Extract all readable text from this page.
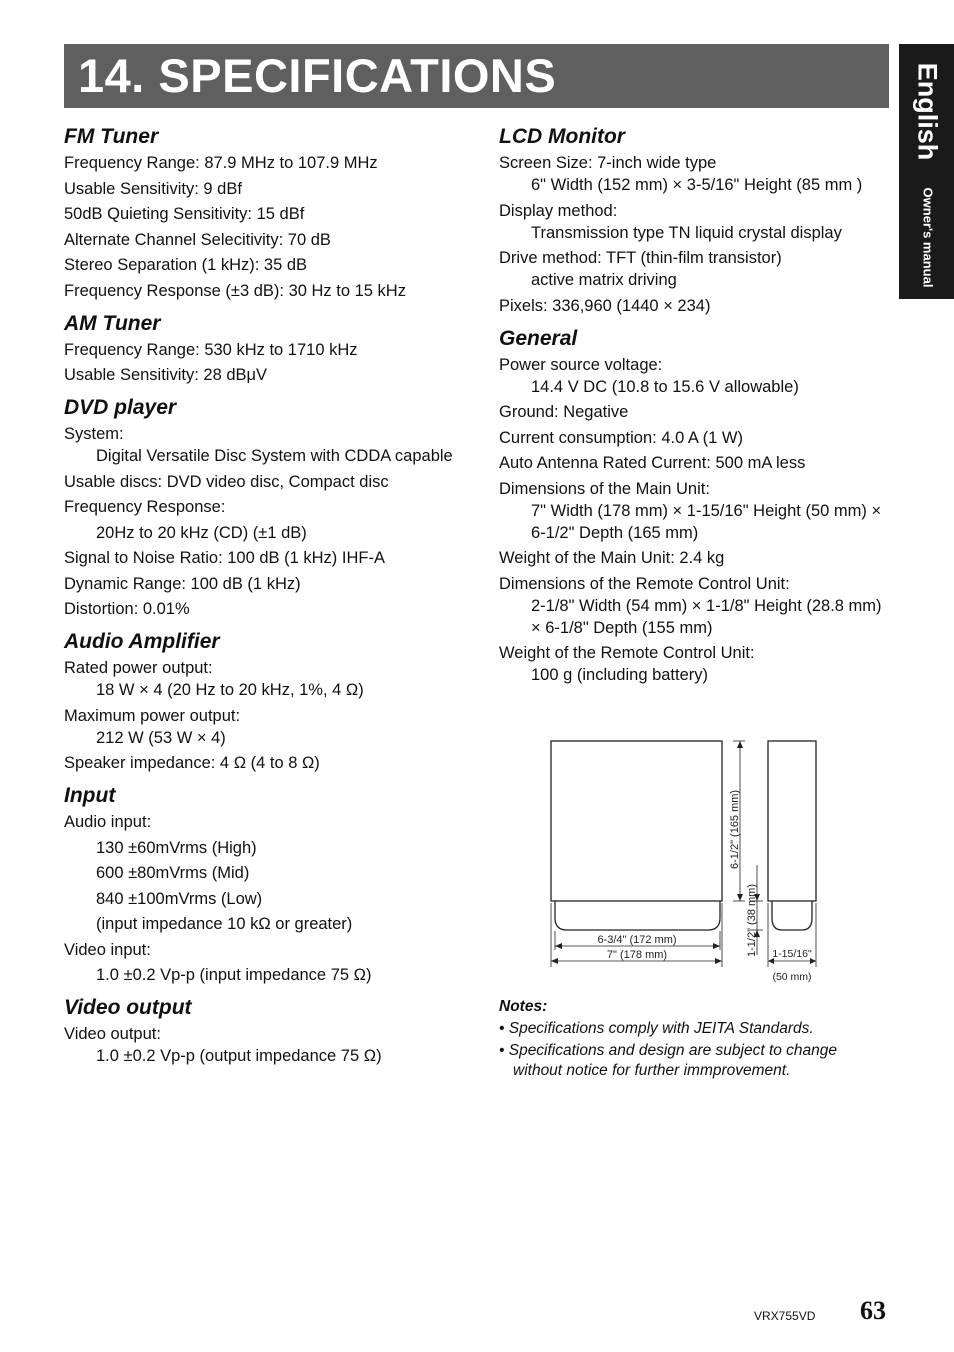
14. SPECIFICATIONS	English
Owner's manual
FM Tuner
Frequency Range: 87.9 MHz to 107.9 MHz
Usable Sensitivity: 9 dBf
50dB Quieting Sensitivity: 15 dBf
Alternate Channel Selecitivity: 70 dB
Stereo Separation (1 kHz): 35 dB
Frequency Response (±3 dB): 30 Hz to 15 kHz
AM Tuner
Frequency Range: 530 kHz to 1710 kHz
Usable Sensitivity: 28 dBμV
DVD player
System:
Digital Versatile Disc System with CDDA capable
Usable discs: DVD video disc, Compact disc
Frequency Response:
20Hz to 20 kHz (CD) (±1 dB)
Signal to Noise Ratio: 100 dB (1 kHz) IHF-A
Dynamic Range: 100 dB (1 kHz)
Distortion: 0.01%
Audio Amplifier
Rated power output:
18 W × 4 (20 Hz to 20 kHz, 1%, 4 Ω)
Maximum power output:
212 W (53 W × 4)
Speaker impedance: 4 Ω (4 to 8 Ω)
Input
Audio input:
130 ±60mVrms (High)
600 ±80mVrms (Mid)
840 ±100mVrms (Low)
(input impedance 10 kΩ or greater)
Video input:
1.0 ±0.2 Vp-p (input impedance 75 Ω)
Video output
Video output:
1.0 ±0.2 Vp-p (output impedance 75 Ω)
LCD Monitor
Screen Size: 7-inch wide type
6" Width (152 mm) × 3-5/16" Height (85 mm )
Display method:
Transmission type TN liquid crystal display
Drive method: TFT (thin-film transistor)
active matrix driving
Pixels: 336,960 (1440 × 234)
General
Power source voltage:
14.4 V DC (10.8 to 15.6 V allowable)
Ground: Negative
Current consumption: 4.0 A (1 W)
Auto Antenna Rated Current: 500 mA less
Dimensions of the Main Unit:
7" Width (178 mm) × 1-15/16" Height (50 mm) × 6-1/2" Depth (165 mm)
Weight of the Main Unit: 2.4 kg
Dimensions of the Remote Control Unit:
2-1/8" Width (54 mm) × 1-1/8" Height (28.8 mm) × 6-1/8" Depth (155 mm)
Weight of the Remote Control Unit:
100 g (including battery)
6-1/2" (165 mm)
1-1/2" (38 mm)
6-3/4" (172 mm)
7" (178 mm)	1-15/16"
(50 mm)
Notes:
• Specifications comply with JEITA Standards.
• Specifications and design are subject to change without notice for further immprovement.
VRX755VD 63
